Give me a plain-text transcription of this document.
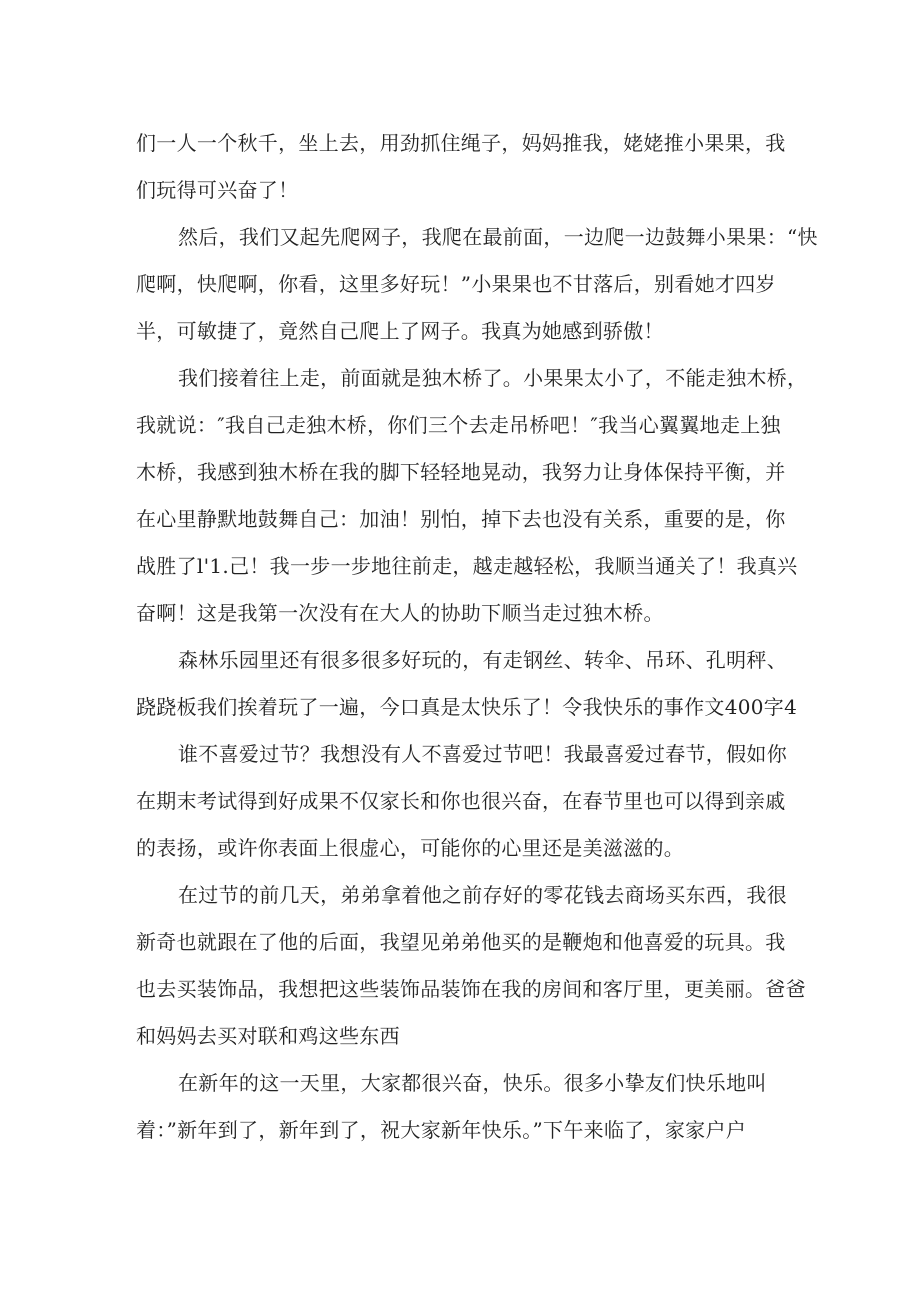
们一人一个秋千，坐上去，用劲抓住绳子，妈妈推我，姥姥推小果果，我
们玩得可兴奋了！
然后，我们又起先爬网子，我爬在最前面，一边爬一边鼓舞小果果：“快
爬啊，快爬啊，你看，这里多好玩！”小果果也不甘落后，别看她才四岁
半，可敏捷了，竟然自己爬上了网子。我真为她感到骄傲！
我们接着往上走，前面就是独木桥了。小果果太小了，不能走独木桥，
我就说：″我自己走独木桥，你们三个去走吊桥吧！″我当心翼翼地走上独
木桥，我感到独木桥在我的脚下轻轻地晃动，我努力让身体保持平衡，并
在心里静默地鼓舞自己：加油！别怕，掉下去也没有关系，重要的是，你
战胜了l'1.己！我一步一步地往前走，越走越轻松，我顺当通关了！我真兴
奋啊！这是我第一次没有在大人的协助下顺当走过独木桥。
森林乐园里还有很多很多好玩的，有走钢丝、转伞、吊环、孔明秤、
跷跷板我们挨着玩了一遍，今口真是太快乐了！令我快乐的事作文400字4
谁不喜爱过节？我想没有人不喜爱过节吧！我最喜爱过春节，假如你
在期末考试得到好成果不仅家长和你也很兴奋，在春节里也可以得到亲戚
的表扬，或许你表面上很虚心，可能你的心里还是美滋滋的。
在过节的前几天，弟弟拿着他之前存好的零花钱去商场买东西，我很
新奇也就跟在了他的后面，我望见弟弟他买的是鞭炮和他喜爱的玩具。我
也去买装饰品，我想把这些装饰品装饰在我的房间和客厅里，更美丽。爸爸
和妈妈去买对联和鸡这些东西
在新年的这一天里，大家都很兴奋，快乐。很多小挚友们快乐地叫
着：”新年到了，新年到了，祝大家新年快乐。”下午来临了，家家户户
